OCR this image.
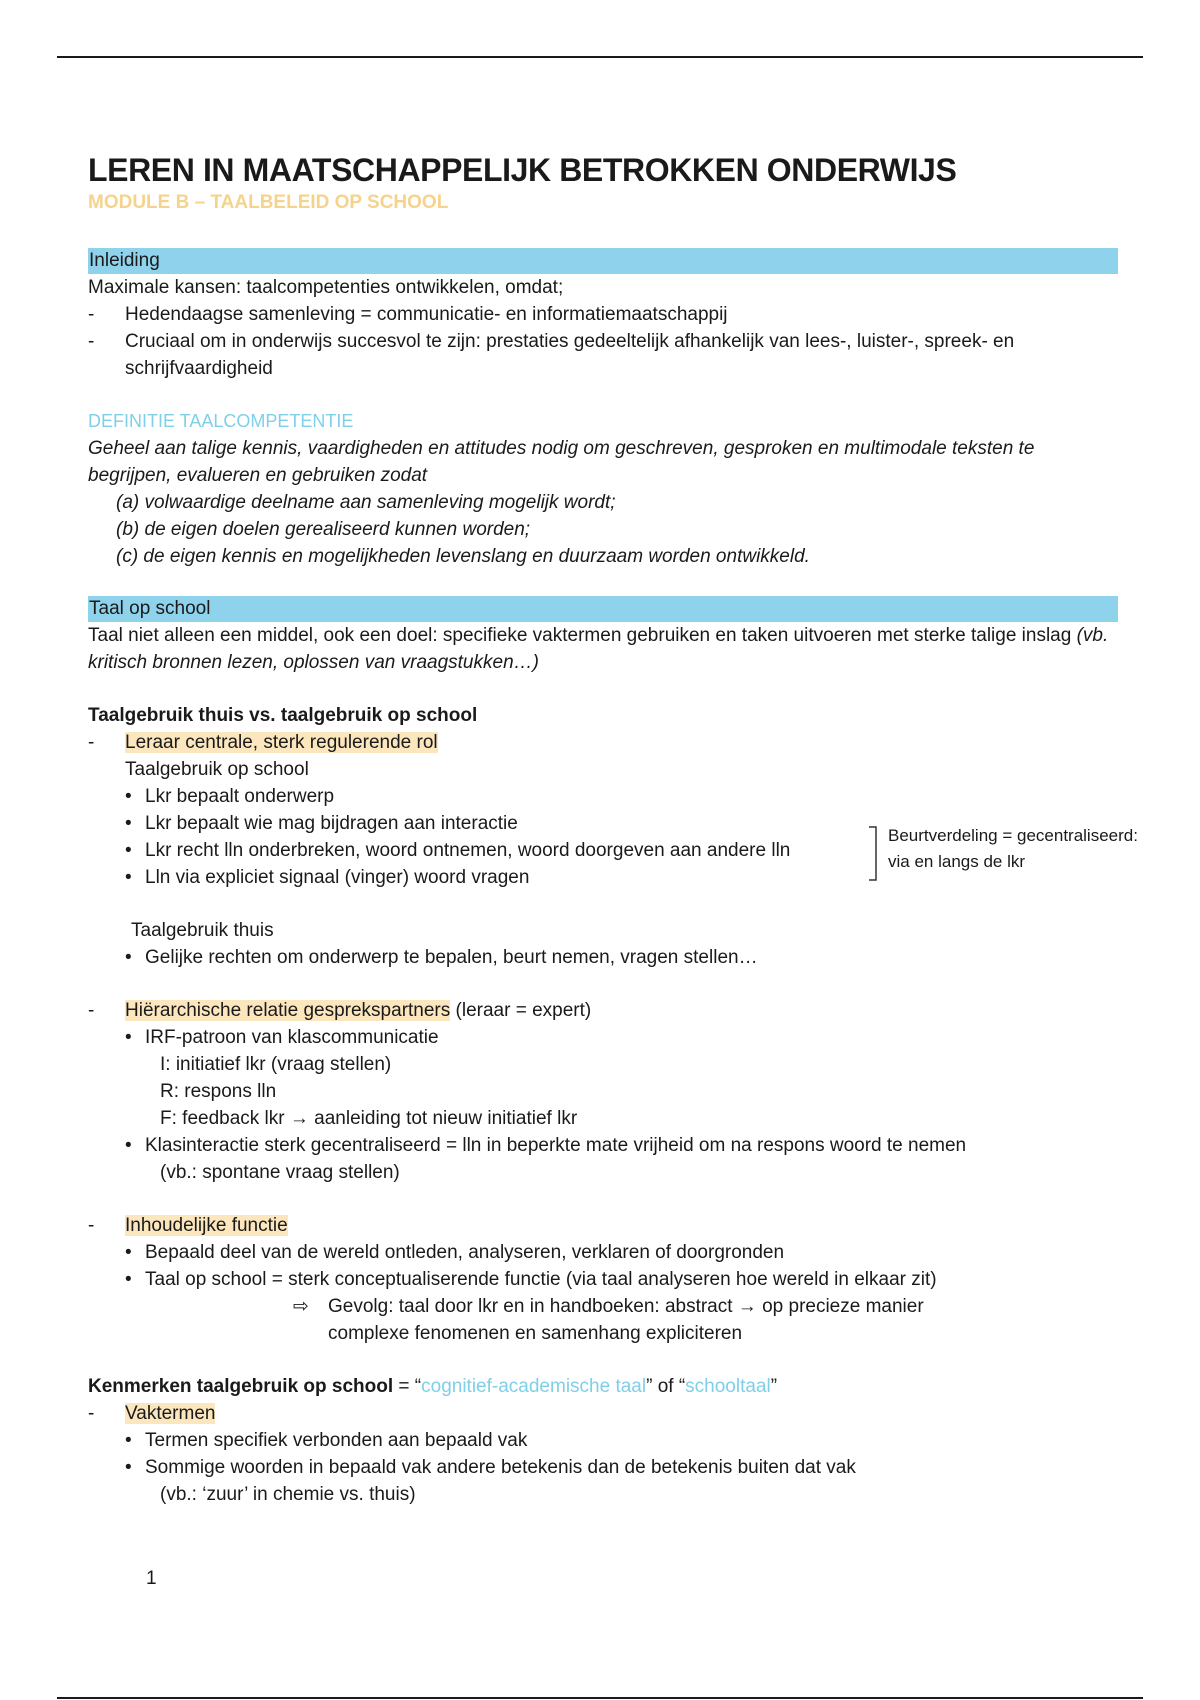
LEREN IN MAATSCHAPPELIJK BETROKKEN ONDERWIJS

MODULE B – TAALBELEID OP SCHOOL

Inleiding

Maximale kansen: taalcompetenties ontwikkelen, omdat;
- Hedendaagse samenleving = communicatie- en informatiemaatschappij
- Cruciaal om in onderwijs succesvol te zijn: prestaties gedeeltelijk afhankelijk van lees-, luister-, spreek- en schrijfvaardigheid
DEFINITIE TAALCOMPETENTIE
Geheel aan talige kennis, vaardigheden en attitudes nodig om geschreven, gesproken en multimodale teksten te begrijpen, evalueren en gebruiken zodat
(a) volwaardige deelname aan samenleving mogelijk wordt;
(b) de eigen doelen gerealiseerd kunnen worden;
(c) de eigen kennis en mogelijkheden levenslang en duurzaam worden ontwikkeld.

Taal op school

Taal niet alleen een middel, ook een doel: specifieke vaktermen gebruiken en taken uitvoeren met sterke talige inslag (vb. kritisch bronnen lezen, oplossen van vraagstukken…)
Taalgebruik thuis vs. taalgebruik op school
- Leraar centrale, sterk regulerende rol
Taalgebruik op school
• Lkr bepaalt onderwerp
• Lkr bepaalt wie mag bijdragen aan interactie
• Lkr recht lln onderbreken, woord ontnemen, woord doorgeven aan andere lln
• Lln via expliciet signaal (vinger) woord vragen
Taalgebruik thuis
• Gelijke rechten om onderwerp te bepalen, beurt nemen, vragen stellen…
- Hiërarchische relatie gesprekspartners (leraar = expert)
• IRF-patroon van klascommunicatie
I: initiatief lkr (vraag stellen)
R: respons lln
F: feedback lkr → aanleiding tot nieuw initiatief lkr
• Klasinteractie sterk gecentraliseerd = lln in beperkte mate vrijheid om na respons woord te nemen
(vb.: spontane vraag stellen)
- Inhoudelijke functie
• Bepaald deel van de wereld ontleden, analyseren, verklaren of doorgronden
• Taal op school = sterk conceptualiserende functie (via taal analyseren hoe wereld in elkaar zit)
⇨ Gevolg: taal door lkr en in handboeken: abstract → op precieze manier
complexe fenomenen en samenhang expliciteren
Kenmerken taalgebruik op school = “cognitief-academische taal” of “schooltaal”
- Vaktermen
• Termen specifiek verbonden aan bepaald vak
• Sommige woorden in bepaald vak andere betekenis dan de betekenis buiten dat vak
(vb.: ‘zuur’ in chemie vs. thuis)
Beurtverdeling = gecentraliseerd:
via en langs de lkr
1
